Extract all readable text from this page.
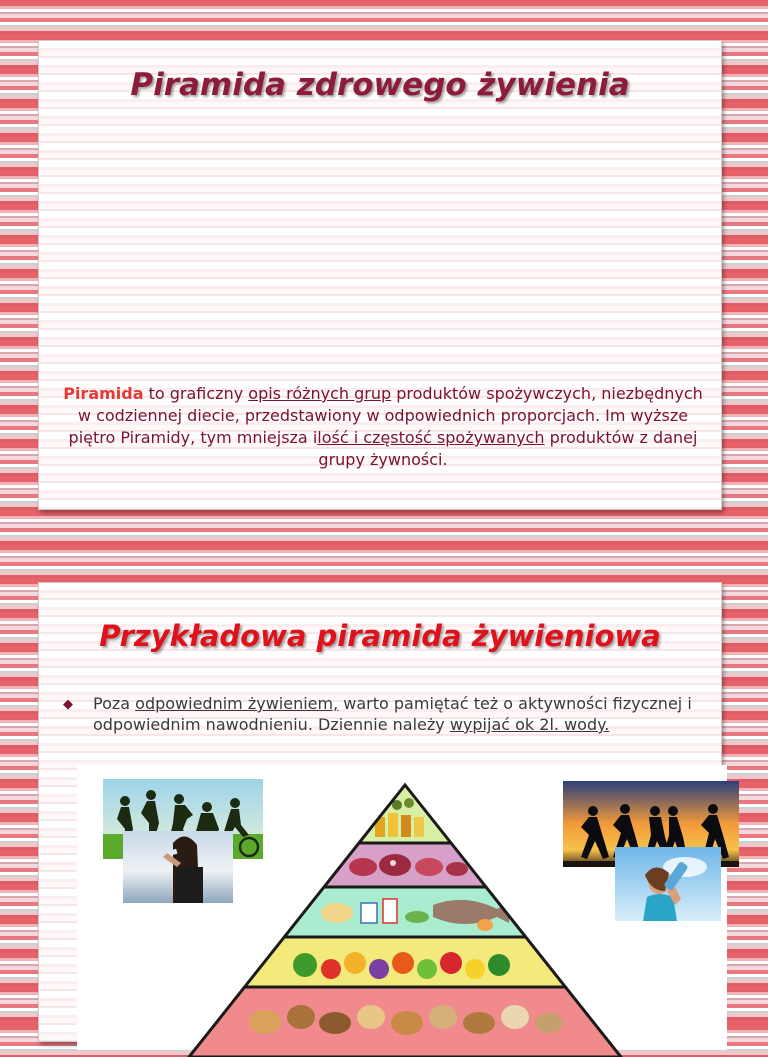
Piramida zdrowego żywienia
Piramida to graficzny opis różnych grup produktów spożywczych, niezbędnych w codziennej diecie, przedstawiony w odpowiednich proporcjach. Im wyższe piętro Piramidy, tym mniejsza ilość i częstość spożywanych produktów z danej grupy żywności.
Przykładowa piramida żywieniowa
◆ Poza odpowiednim żywieniem, warto pamiętać też o aktywności fizycznej i odpowiednim nawodnieniu. Dziennie należy wypijać ok 2l. wody.
